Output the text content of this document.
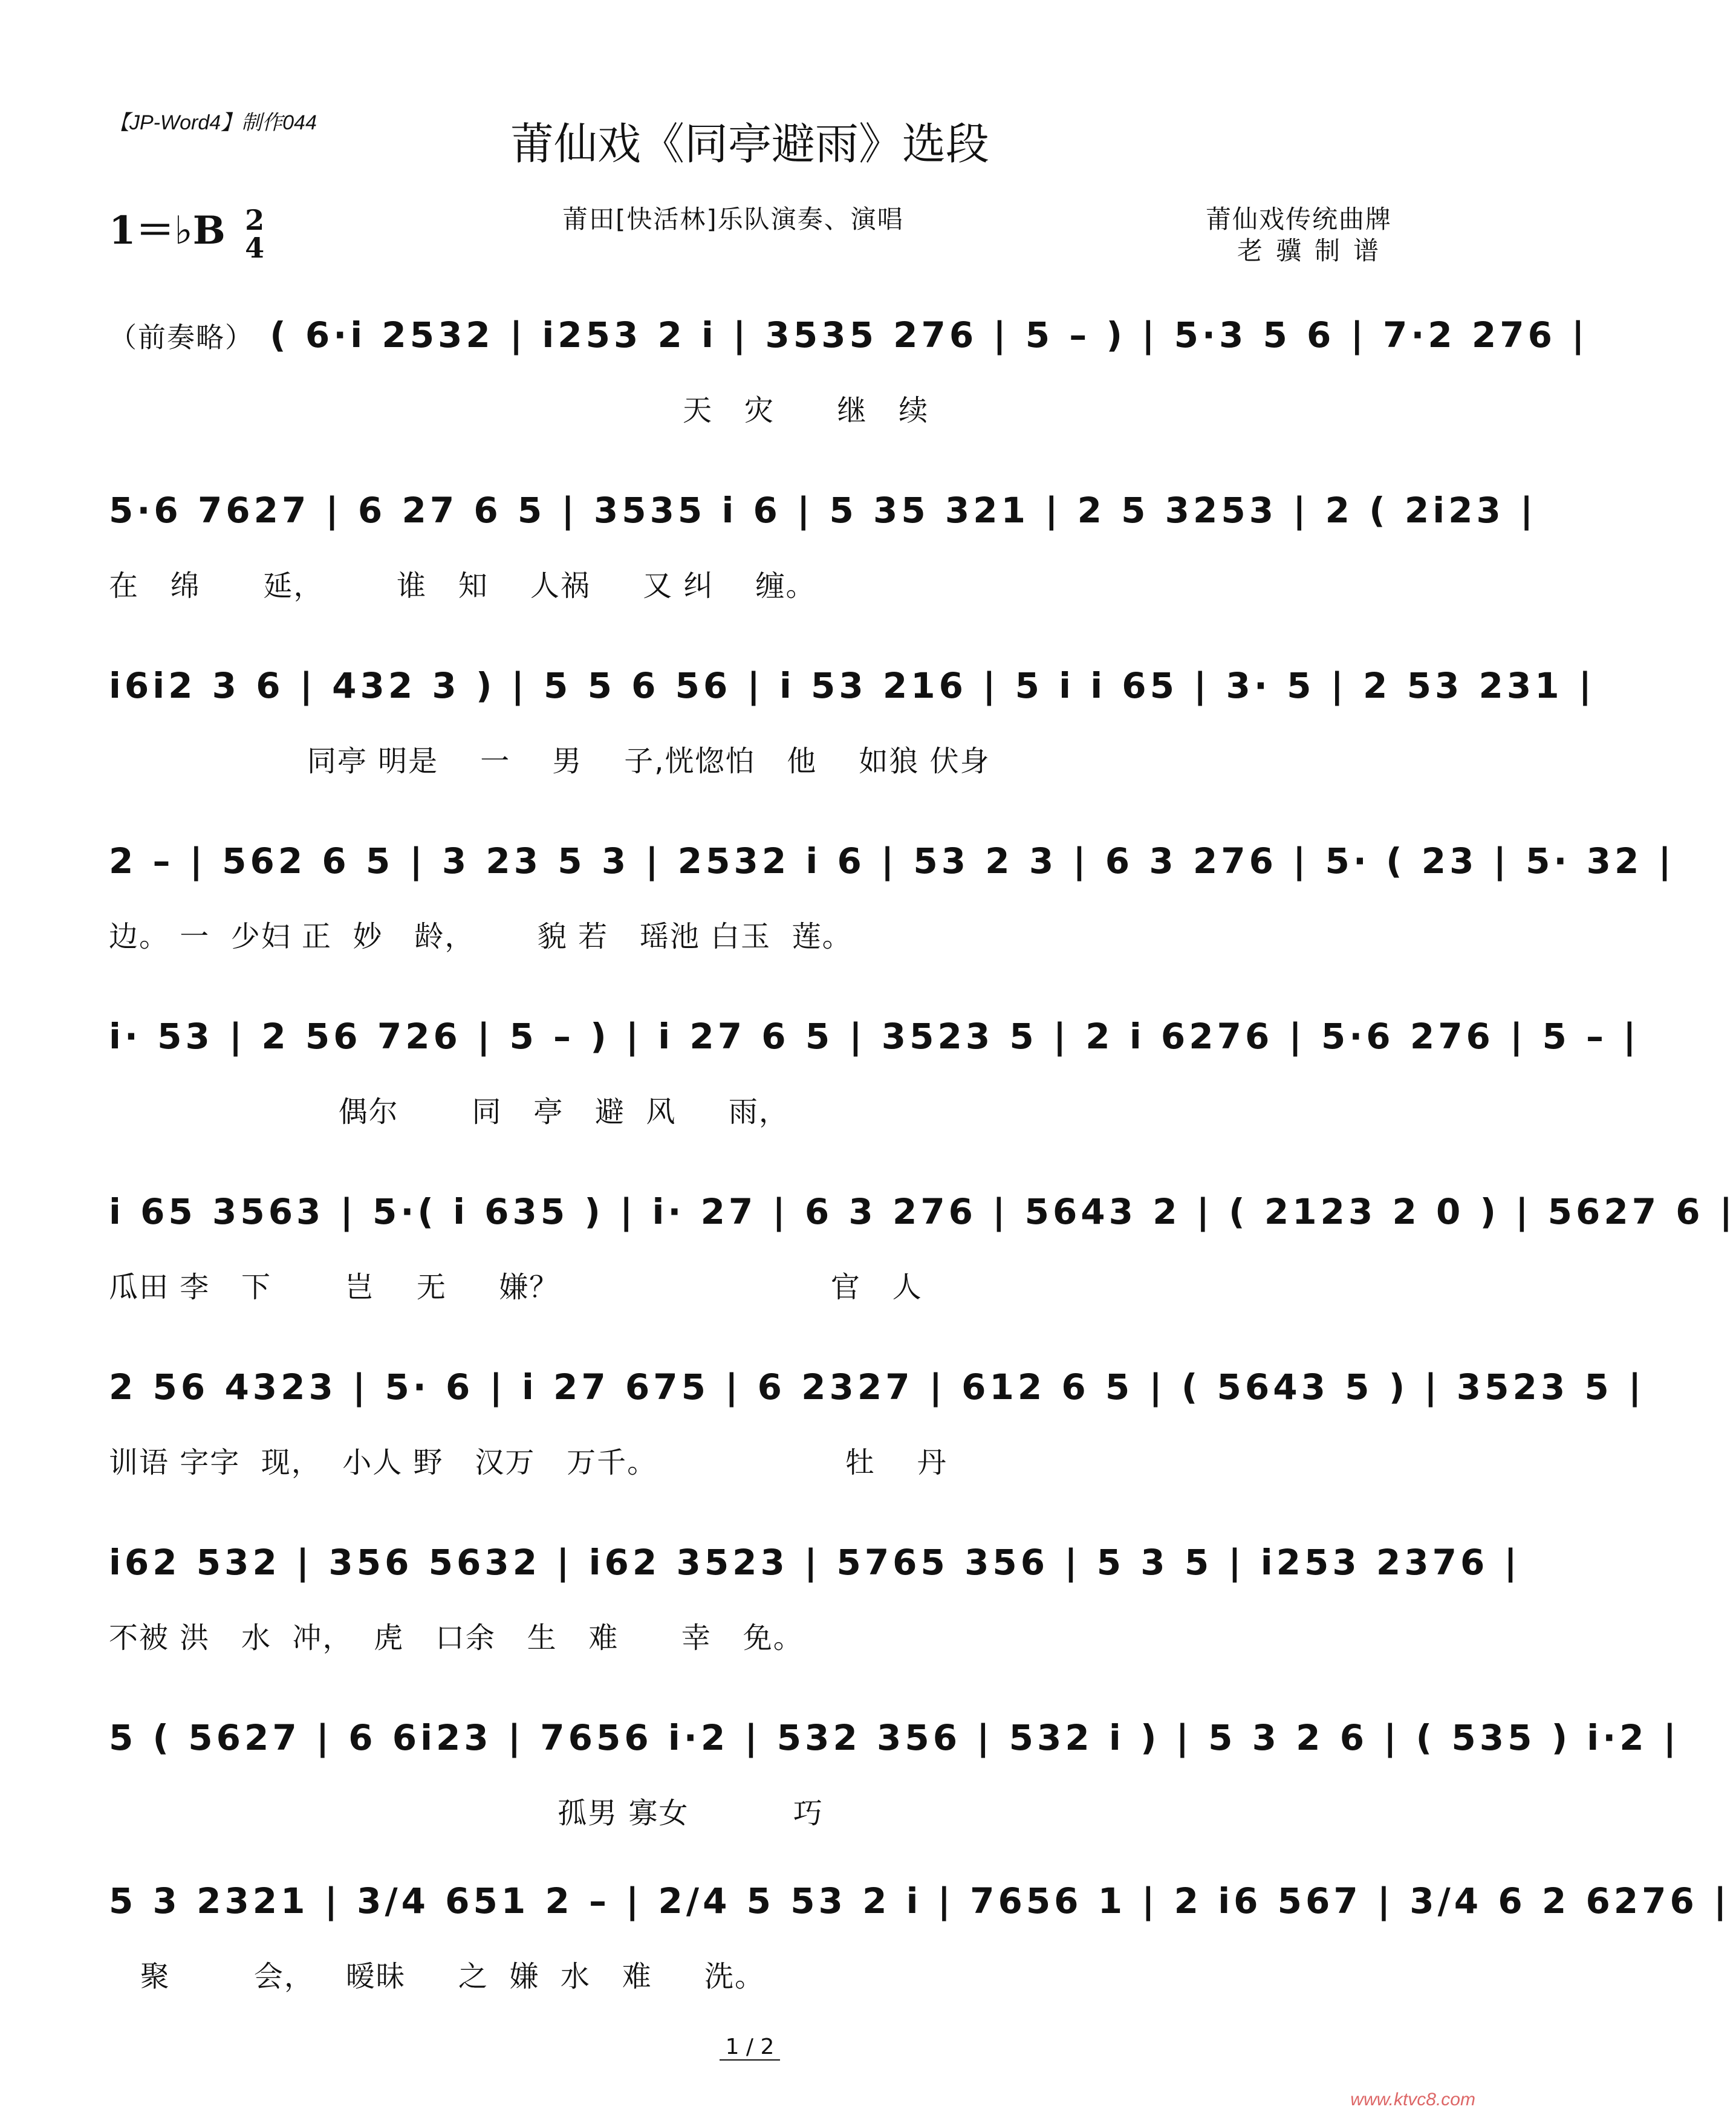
【JP-Word4】制作044	莆仙戏《同亭避雨》选段
1＝♭B 2
4
莆田[快活林]乐队演奏、演唱	莆仙戏传统曲牌
老骥制谱
（前奏略） ( 6·i 2532 | i253 2 i | 3535 276 | 5 – ) | 5·3 5 6 | 7·2 276 |
天   灾      继   续
5·6 7627 | 6 27 6 5 | 3535 i 6 | 5 35 321 | 2 5 3253 | 2 ( 2i23 |
在   绵      延，       谁   知    人祸     又 纠    缠。
i6i2 3 6 | 432 3 ) | 5 5 6 56 | i 53 216 | 5 i i 65 | 3· 5 | 2 53 231 |
同亭 明是    一    男    子,恍惚怕   他    如狼 伏身
2 – | 562 6 5 | 3 23 5 3 | 2532 i 6 | 53 2 3 | 6 3 276 | 5· ( 23 | 5· 32 |
边。 一  少妇 正  妙   龄，      貌 若   瑶池 白玉  莲。
i· 53 | 2 56 726 | 5 – ) | i 27 6 5 | 3523 5 | 2 i 6276 | 5·6 276 | 5 – |
偶尔       同   亭   避  风     雨，
i 65 3563 | 5·( i 635 ) | i· 27 | 6 3 276 | 5643 2 | ( 2123 2 0 ) | 5627 6 |
瓜田 李   下       岂    无     嫌？                          官   人
2 56 4323 | 5· 6 | i 27 675 | 6 2327 | 612 6 5 | ( 5643 5 ) | 3523 5 |
训语 字字  现，  小人 野   汉万   万千。                  牡    丹
i62 532 | 356 5632 | i62 3523 | 5765 356 | 5 3 5 | i253 2376 |
不被 洪   水  冲，  虎   口余   生   难      幸   免。
5 ( 5627 | 6 6i23 | 7656 i·2 | 532 356 | 532 i ) | 5 3 2 6 | ( 535 ) i·2 |
孤男 寡女          巧
5 3 2321 | 3/4 651 2 – | 2/4 5 53 2 i | 7656 1 | 2 i6 567 | 3/4 6 2 6276 |
聚        会，   暧昧     之  嫌  水   难     洗。
1 / 2
www.ktvc8.com
